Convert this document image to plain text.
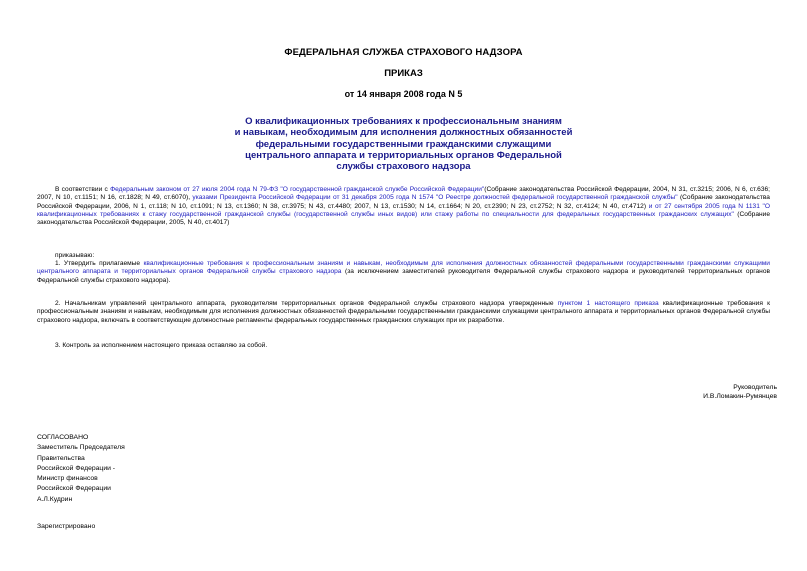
ФЕДЕРАЛЬНАЯ СЛУЖБА СТРАХОВОГО НАДЗОРА
ПРИКАЗ
от 14 января 2008 года N 5
О квалификационных требованиях к профессиональным знаниям
и навыкам, необходимым для исполнения должностных обязанностей
федеральными государственными гражданскими служащими
центрального аппарата и территориальных органов Федеральной
службы страхового надзора
В соответствии с Федеральным законом от 27 июля 2004 года N 79-ФЗ "О государственной гражданской службе Российской Федерации"(Собрание законодательства Российской Федерации, 2004, N 31, ст.3215; 2006, N 6, ст.636; 2007, N 10, ст.1151; N 16, ст.1828; N 49, ст.6070), указами Президента Российской Федерации от 31 декабря 2005 года N 1574 "О Реестре должностей федеральной государственной гражданской службы" (Собрание законодательства Российской Федерации, 2006, N 1, ст.118; N 10, ст.1091; N 13, ст.1360; N 38, ст.3975; N 43, ст.4480; 2007, N 13, ст.1530; N 14, ст.1664; N 20, ст.2390; N 23, ст.2752; N 32, ст.4124; N 40, ст.4712) и от 27 сентября 2005 года N 1131 "О квалификационных требованиях к стажу государственной гражданской службы (государственной службы иных видов) или стажу работы по специальности для федеральных государственных гражданских служащих" (Собрание законодательства Российской Федерации, 2005, N 40, ст.4017)
приказываю:
1. Утвердить прилагаемые квалификационные требования к профессиональным знаниям и навыкам, необходимым для исполнения должностных обязанностей федеральными государственными гражданскими служащими центрального аппарата и территориальных органов Федеральной службы страхового надзора (за исключением заместителей руководителя Федеральной службы страхового надзора и руководителей территориальных органов Федеральной службы страхового надзора).
2. Начальникам управлений центрального аппарата, руководителям территориальных органов Федеральной службы страхового надзора утвержденные пунктом 1 настоящего приказа квалификационные требования к профессиональным знаниям и навыкам, необходимым для исполнения должностных обязанностей федеральными государственными гражданскими служащими центрального аппарата и территориальных органов Федеральной службы страхового надзора, включать в соответствующие должностные регламенты федеральных государственных гражданских служащих при их разработке.
3. Контроль за исполнением настоящего приказа оставляю за собой.
Руководитель
И.В.Ломакин-Румянцев
СОГЛАСОВАНО
Заместитель Председателя
Правительства
Российской Федерации -
Министр финансов
Российской Федерации
А.Л.Кудрин
Зарегистрировано
